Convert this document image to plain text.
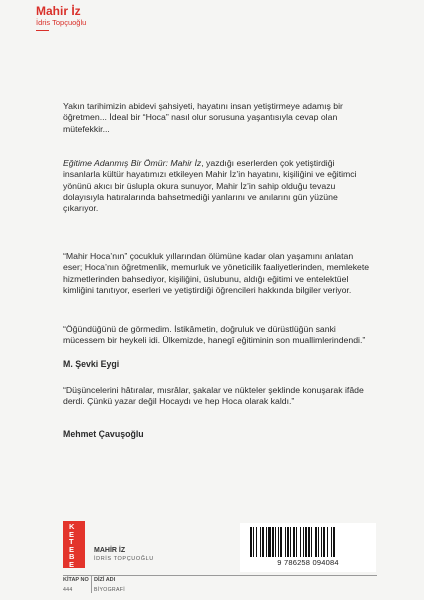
Mahir İz
İdris Topçuoğlu

Yakın tarihimizin abidevi şahsiyeti, hayatını insan yetiştirmeye adamış bir öğretmen... İdeal bir “Hoca” nasıl olur sorusuna yaşantısıyla cevap olan mütefekkir...

Eğitime Adanmış Bir Ömür: Mahir İz, yazdığı eserlerden çok yetiştirdiği insanlarla kültür hayatımızı etkileyen Mahir İz’in hayatını, kişiliğini ve eğitimci yönünü akıcı bir üslupla okura sunuyor, Mahir İz’in sahip olduğu tevazu dolayısıyla hatıralarında bahsetmediği yanlarını ve anılarını gün yüzüne çıkarıyor.

“Mahir Hoca’nın” çocukluk yıllarından ölümüne kadar olan yaşamını anlatan eser; Hoca’nın öğretmenlik, memurluk ve yöneticilik faaliyetlerinden, memlekete hizmetlerinden bahsediyor, kişiliğini, üslubunu, aldığı eğitimi ve entelektüel kimliğini tanıtıyor, eserleri ve yetiştirdiği öğrencileri hakkında bilgiler veriyor.

“Öğündüğünü de görmedim. İstikâmetin, doğruluk ve dürüstlüğün sanki mücessem bir heykeli idi. Ülkemizde, hanegî eğitiminin son muallimlerindendi.”

M. Şevki Eygi

“Düşüncelerini hâtıralar, mısrâlar, şakalar ve nükteler şeklinde konuşarak ifâde derdi. Çünkü yazar değil Hocaydı ve hep Hoca olarak kaldı.”

Mehmet Çavuşoğlu
K
E
T
E
B
E
MAHİR İZ
İDRİS TOPÇUOĞLU
KİTAP NO DİZİ ADI
444	BİYOGRAFİ
9 786258 094084
